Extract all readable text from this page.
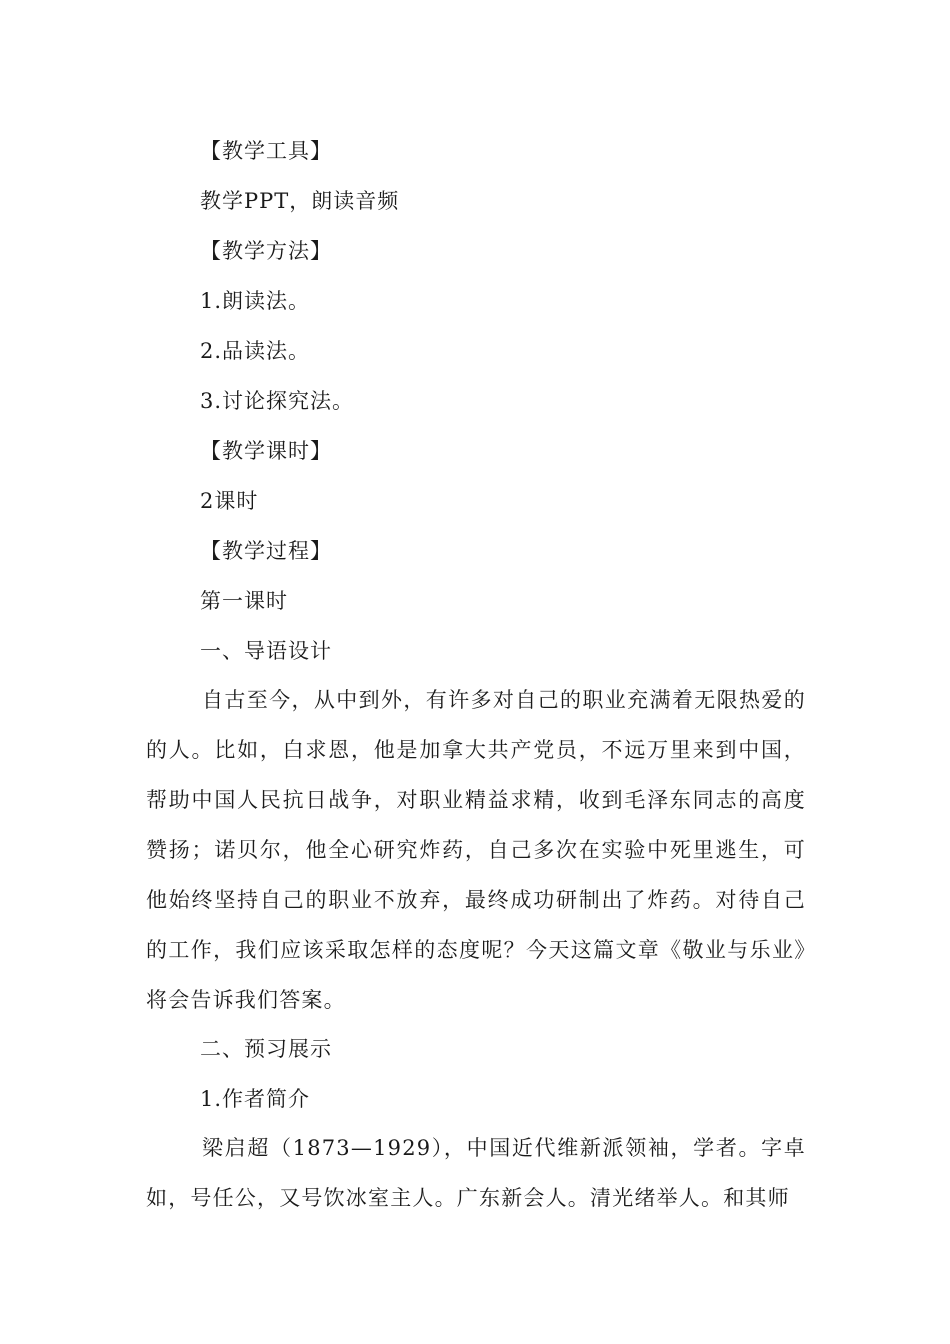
【教学工具】
教学PPT，朗读音频
【教学方法】
1.朗读法。
2.品读法。
3.讨论探究法。
【教学课时】
2课时
【教学过程】
第一课时
一、导语设计

自古至今，从中到外，有许多对自己的职业充满着无限热爱的的人。比如，白求恩，他是加拿大共产党员，不远万里来到中国，帮助中国人民抗日战争，对职业精益求精，收到毛泽东同志的高度赞扬；诺贝尔，他全心研究炸药，自己多次在实验中死里逃生，可他始终坚持自己的职业不放弃，最终成功研制出了炸药。对待自己的工作，我们应该采取怎样的态度呢？今天这篇文章《敬业与乐业》将会告诉我们答案。

二、预习展示
1.作者简介

梁启超（1873—1929），中国近代维新派领袖，学者。字卓如，号任公，又号饮冰室主人。广东新会人。清光绪举人。和其师
